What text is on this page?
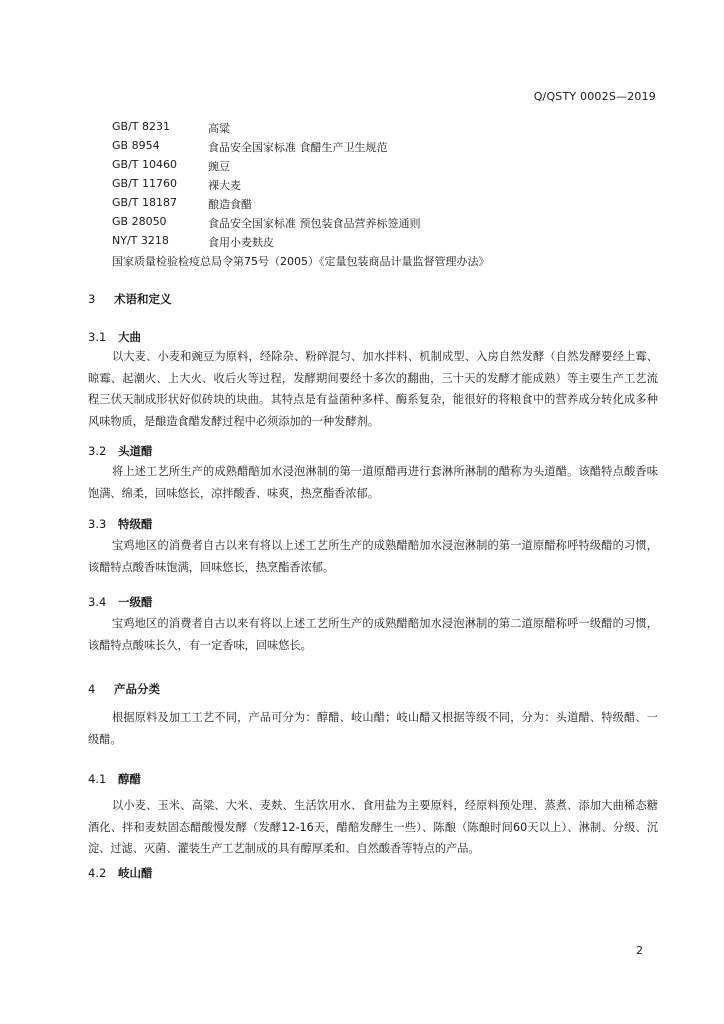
Q/QSTY 0002S—2019
GB/T 8231	高粱
GB 8954	食品安全国家标准 食醋生产卫生规范
GB/T 10460	豌豆
GB/T 11760	裸大麦
GB/T 18187	酿造食醋
GB 28050	食品安全国家标准 预包装食品营养标签通则
NY/T 3218	食用小麦麸皮
国家质量检验检疫总局令第75号（2005）《定量包装商品计量监督管理办法》
3 术语和定义
3.1 大曲
以大麦、小麦和豌豆为原料，经除杂、粉碎混匀、加水拌料、机制成型、入房自然发酵（自然发酵要经上霉、晾霉、起潮火、上大火、收后火等过程，发酵期间要经十多次的翻曲，三十天的发酵才能成熟）等主要生产工艺流程三伏天制成形状好似砖块的块曲。其特点是有益菌种多样、酶系复杂，能很好的将粮食中的营养成分转化成多种风味物质，是酿造食醋发酵过程中必须添加的一种发酵剂。
3.2 头道醋
将上述工艺所生产的成熟醋醅加水浸泡淋制的第一道原醋再进行套淋所淋制的醋称为头道醋。该醋特点酸香味饱满、绵柔，回味悠长，凉拌酸香、味爽，热烹酯香浓郁。
3.3 特级醋
宝鸡地区的消费者自古以来有将以上述工艺所生产的成熟醋醅加水浸泡淋制的第一道原醋称呼特级醋的习惯，该醋特点酸香味饱满，回味悠长，热烹酯香浓郁。
3.4 一级醋
宝鸡地区的消费者自古以来有将以上述工艺所生产的成熟醋醅加水浸泡淋制的第二道原醋称呼一级醋的习惯，该醋特点酸味长久，有一定香味，回味悠长。
4 产品分类
根据原料及加工工艺不同，产品可分为：醇醋、岐山醋；岐山醋又根据等级不同，分为：头道醋、特级醋、一级醋。
4.1 醇醋
以小麦、玉米、高粱、大米、麦麸、生活饮用水、食用盐为主要原料，经原料预处理、蒸煮、添加大曲稀态糖酒化、拌和麦麸固态醋酸慢发酵（发酵12-16天，醋醅发酵生一些）、陈酿（陈酿时间60天以上）、淋制、分级、沉淀、过滤、灭菌、灌装生产工艺制成的具有醇厚柔和、自然酸香等特点的产品。
4.2 岐山醋
2
